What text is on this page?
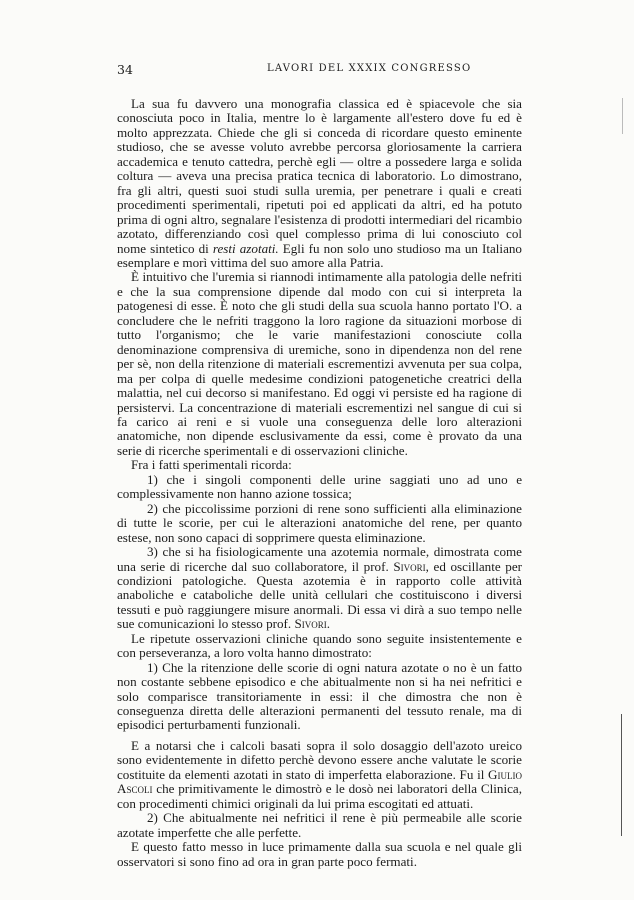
34	LAVORI DEL XXXIX CONGRESSO

La sua fu davvero una monografia classica ed è spiacevole che sia conosciuta poco in Italia, mentre lo è largamente all'estero dove fu ed è molto apprezzata. Chiede che gli si conceda di ricordare questo eminente studioso, che se avesse voluto avrebbe percorsa gloriosamente la carriera accademica e tenuto cattedra, perchè egli — oltre a possedere larga e solida coltura — aveva una precisa pratica tecnica di laboratorio. Lo dimostrano, fra gli altri, questi suoi studi sulla uremia, per penetrare i quali e creati procedimenti sperimentali, ripetuti poi ed applicati da altri, ed ha potuto prima di ogni altro, segnalare l'esistenza di prodotti intermediari del ricambio azotato, differenziando così quel complesso prima di lui conosciuto col nome sintetico di resti azotati. Egli fu non solo uno studioso ma un Italiano esemplare e morì vittima del suo amore alla Patria.

È intuitivo che l'uremia si riannodi intimamente alla patologia delle nefriti e che la sua comprensione dipende dal modo con cui si interpreta la patogenesi di esse. È noto che gli studi della sua scuola hanno portato l'O. a concludere che le nefriti traggono la loro ragione da situazioni morbose di tutto l'organismo; che le varie manifestazioni conosciute colla denominazione comprensiva di uremiche, sono in dipendenza non del rene per sè, non della ritenzione di materiali escrementizi avvenuta per sua colpa, ma per colpa di quelle medesime condizioni patogenetiche creatrici della malattia, nel cui decorso si manifestano. Ed oggi vi persiste ed ha ragione di persistervi. La concentrazione di materiali escrementizi nel sangue di cui si fa carico ai reni e si vuole una conseguenza delle loro alterazioni anatomiche, non dipende esclusivamente da essi, come è provato da una serie di ricerche sperimentali e di osservazioni cliniche.

Fra i fatti sperimentali ricorda:

1) che i singoli componenti delle urine saggiati uno ad uno e complessivamente non hanno azione tossica;

2) che piccolissime porzioni di rene sono sufficienti alla eliminazione di tutte le scorie, per cui le alterazioni anatomiche del rene, per quanto estese, non sono capaci di sopprimere questa eliminazione.

3) che si ha fisiologicamente una azotemia normale, dimostrata come una serie di ricerche dal suo collaboratore, il prof. Sivori, ed oscillante per condizioni patologiche. Questa azotemia è in rapporto colle attività anaboliche e cataboliche delle unità cellulari che costituiscono i diversi tessuti e può raggiungere misure anormali. Di essa vi dirà a suo tempo nelle sue comunicazioni lo stesso prof. Sivori.

Le ripetute osservazioni cliniche quando sono seguite insistentemente e con perseveranza, a loro volta hanno dimostrato:

1) Che la ritenzione delle scorie di ogni natura azotate o no è un fatto non costante sebbene episodico e che abitualmente non si ha nei nefritici e solo comparisce transitoriamente in essi: il che dimostra che non è conseguenza diretta delle alterazioni permanenti del tessuto renale, ma di episodici perturbamenti funzionali.

E a notarsi che i calcoli basati sopra il solo dosaggio dell'azoto ureico sono evidentemente in difetto perchè devono essere anche valutate le scorie costituite da elementi azotati in stato di imperfetta elaborazione. Fu il Giulio Ascoli che primitivamente le dimostrò e le dosò nei laboratori della Clinica, con procedimenti chimici originali da lui prima escogitati ed attuati.

2) Che abitualmente nei nefritici il rene è più permeabile alle scorie azotate imperfette che alle perfette.

E questo fatto messo in luce primamente dalla sua scuola e nel quale gli osservatori si sono fino ad ora in gran parte poco fermati.
